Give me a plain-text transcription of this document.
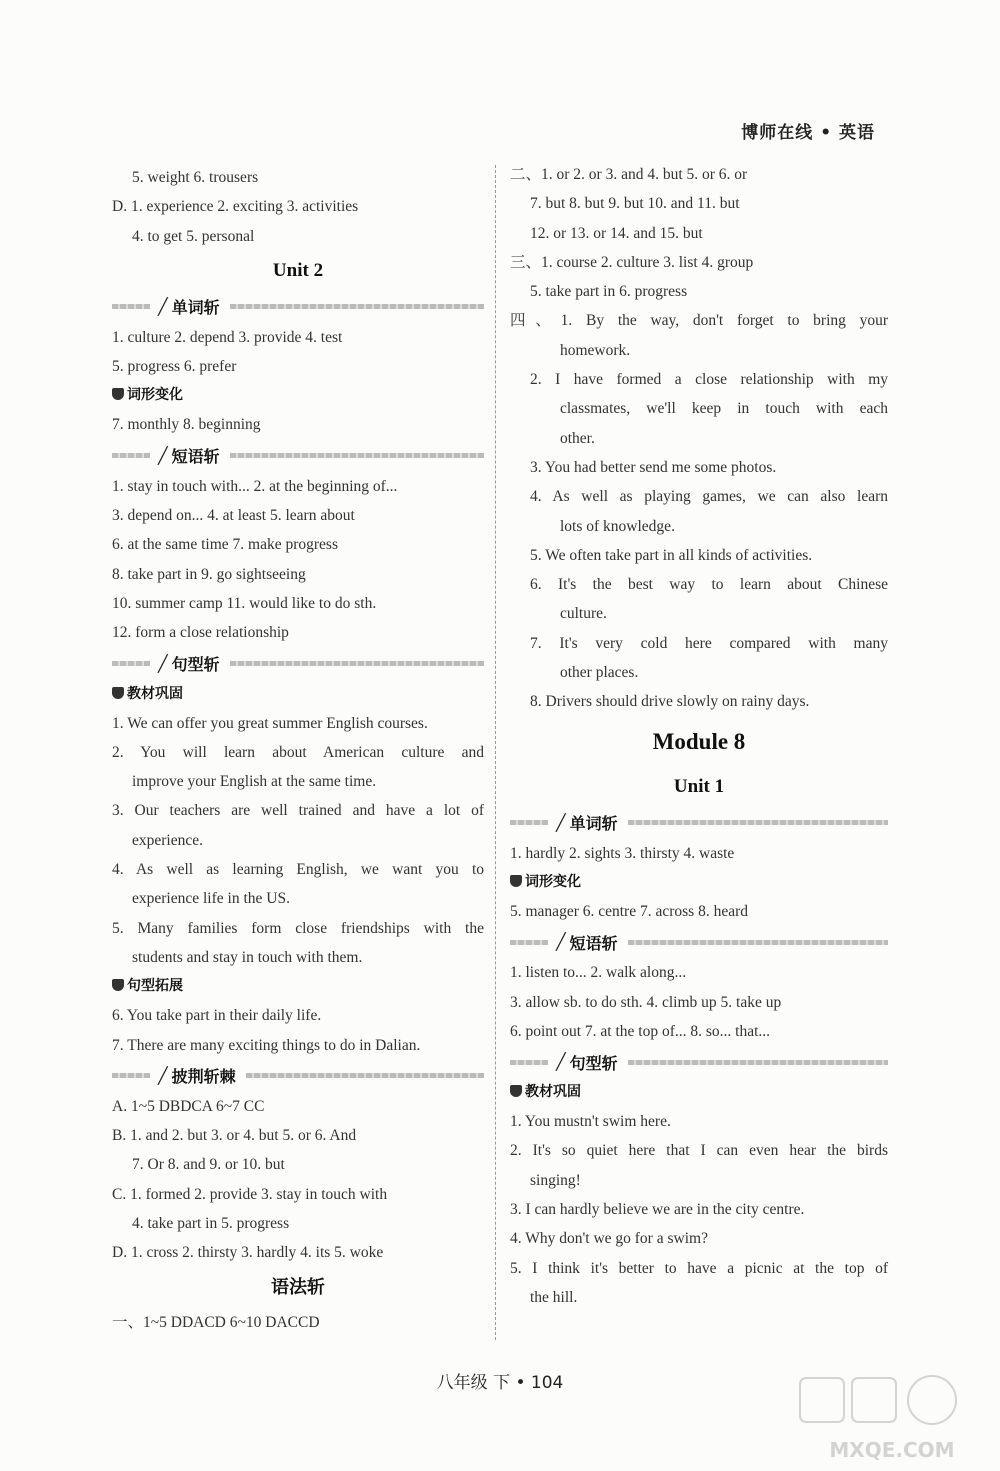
博师在线 • 英语
5. weight 6. trousers
D. 1. experience 2. exciting 3. activities
4. to get 5. personal
Unit 2
╱ 单词斩
1. culture 2. depend 3. provide 4. test
5. progress 6. prefer
词形变化
7. monthly 8. beginning
╱ 短语斩
1. stay in touch with... 2. at the beginning of...
3. depend on... 4. at least 5. learn about
6. at the same time 7. make progress
8. take part in 9. go sightseeing
10. summer camp 11. would like to do sth.
12. form a close relationship
╱ 句型斩
教材巩固
1. We can offer you great summer English courses.
2. You will learn about American culture and
improve your English at the same time.
3. Our teachers are well trained and have a lot of
experience.
4. As well as learning English, we want you to
experience life in the US.
5. Many families form close friendships with the
students and stay in touch with them.
句型拓展
6. You take part in their daily life.
7. There are many exciting things to do in Dalian.
╱ 披荆斩棘
A. 1~5 DBDCA 6~7 CC
B. 1. and 2. but 3. or 4. but 5. or 6. And
7. Or 8. and 9. or 10. but
C. 1. formed 2. provide 3. stay in touch with
4. take part in 5. progress
D. 1. cross 2. thirsty 3. hardly 4. its 5. woke
语法斩
一、1~5 DDACD 6~10 DACCD
二、1. or 2. or 3. and 4. but 5. or 6. or
7. but 8. but 9. but 10. and 11. but
12. or 13. or 14. and 15. but
三、1. course 2. culture 3. list 4. group
5. take part in 6. progress
四、1. By the way, don't forget to bring your
homework.
2. I have formed a close relationship with my
classmates, we'll keep in touch with each
other.
3. You had better send me some photos.
4. As well as playing games, we can also learn
lots of knowledge.
5. We often take part in all kinds of activities.
6. It's the best way to learn about Chinese
culture.
7. It's very cold here compared with many
other places.
8. Drivers should drive slowly on rainy days.
Module 8
Unit 1
╱ 单词斩
1. hardly 2. sights 3. thirsty 4. waste
词形变化
5. manager 6. centre 7. across 8. heard
╱ 短语斩
1. listen to... 2. walk along...
3. allow sb. to do sth. 4. climb up 5. take up
6. point out 7. at the top of... 8. so... that...
╱ 句型斩
教材巩固
1. You mustn't swim here.
2. It's so quiet here that I can even hear the birds
singing!
3. I can hardly believe we are in the city centre.
4. Why don't we go for a swim?
5. I think it's better to have a picnic at the top of
the hill.
八年级 下 • 104
MXQE.COM
